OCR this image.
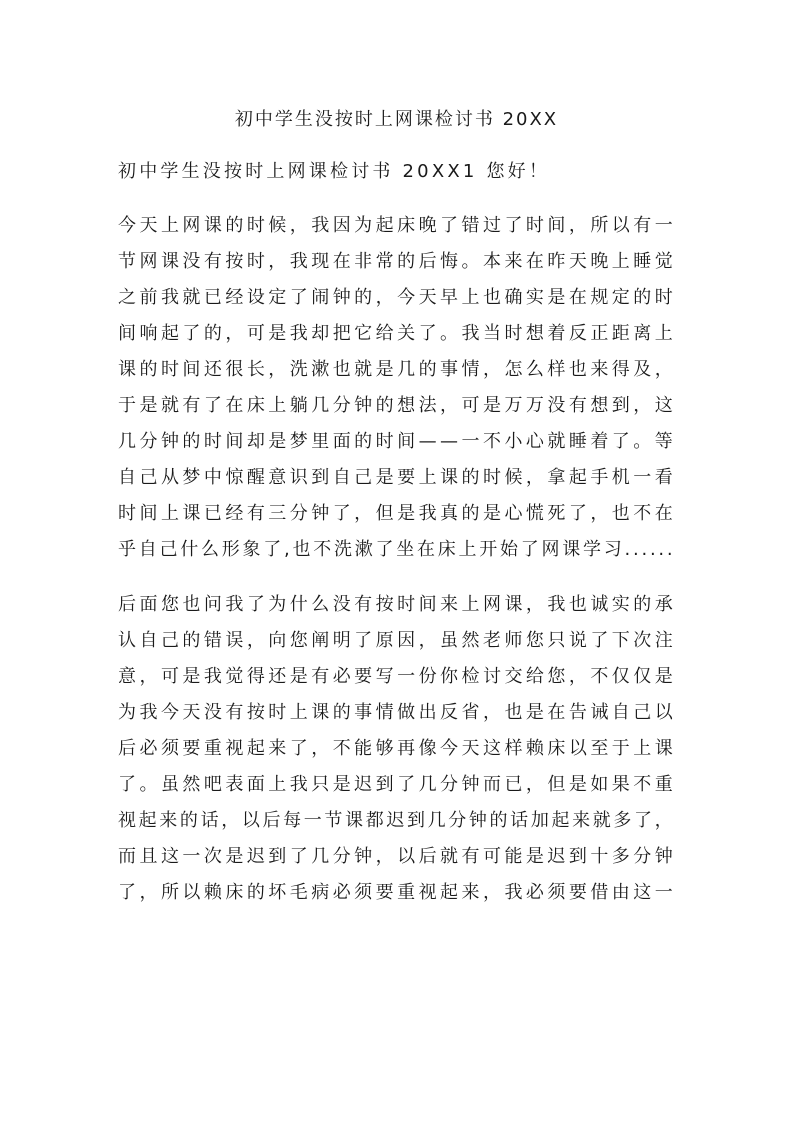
初中学生没按时上网课检讨书 20XX
初中学生没按时上网课检讨书 20XX1 您好！
今 天 上 网 课 的 时 候 ， 我 因 为 起 床 晚 了 错 过 了 时 间 ， 所 以 有 一
节 网 课 没 有 按 时 ， 我 现 在 非 常 的 后 悔 。 本 来 在 昨 天 晚 上 睡 觉
之 前 我 就 已 经 设 定 了 闹 钟 的 ， 今 天 早 上 也 确 实 是 在 规 定 的 时
间 响 起 了 的 ， 可 是 我 却 把 它 给 关 了 。 我 当 时 想 着 反 正 距 离 上
课 的 时 间 还 很 长 ， 洗 漱 也 就 是 几 的 事 情 ， 怎 么 样 也 来 得 及 ，
于 是 就 有 了 在 床 上 躺 几 分 钟 的 想 法 ， 可 是 万 万 没 有 想 到 ， 这
几 分 钟 的 时 间 却 是 梦 里 面 的 时 间 — — 一 不 小 心 就 睡 着 了 。 等
自 己 从 梦 中 惊 醒 意 识 到 自 己 是 要 上 课 的 时 候 ， 拿 起 手 机 一 看
时 间 上 课 已 经 有 三 分 钟 了 ， 但 是 我 真 的 是 心 慌 死 了 ， 也 不 在
乎 自 己 什 么 形 象 了 , 也 不 洗 漱 了 坐 在 床 上 开 始 了 网 课 学 习 . . . . . .
后 面 您 也 问 我 了 为 什 么 没 有 按 时 间 来 上 网 课 ， 我 也 诚 实 的 承
认 自 己 的 错 误 ， 向 您 阐 明 了 原 因 ， 虽 然 老 师 您 只 说 了 下 次 注
意 ， 可 是 我 觉 得 还 是 有 必 要 写 一 份 你 检 讨 交 给 您 ， 不 仅 仅 是
为 我 今 天 没 有 按 时 上 课 的 事 情 做 出 反 省 ， 也 是 在 告 诫 自 己 以
后 必 须 要 重 视 起 来 了 ， 不 能 够 再 像 今 天 这 样 赖 床 以 至 于 上 课
了 。 虽 然 吧 表 面 上 我 只 是 迟 到 了 几 分 钟 而 已 ， 但 是 如 果 不 重
视 起 来 的 话 ， 以 后 每 一 节 课 都 迟 到 几 分 钟 的 话 加 起 来 就 多 了 ，
而 且 这 一 次 是 迟 到 了 几 分 钟 ， 以 后 就 有 可 能 是 迟 到 十 多 分 钟
了 ， 所 以 赖 床 的 坏 毛 病 必 须 要 重 视 起 来 ， 我 必 须 要 借 由 这 一
